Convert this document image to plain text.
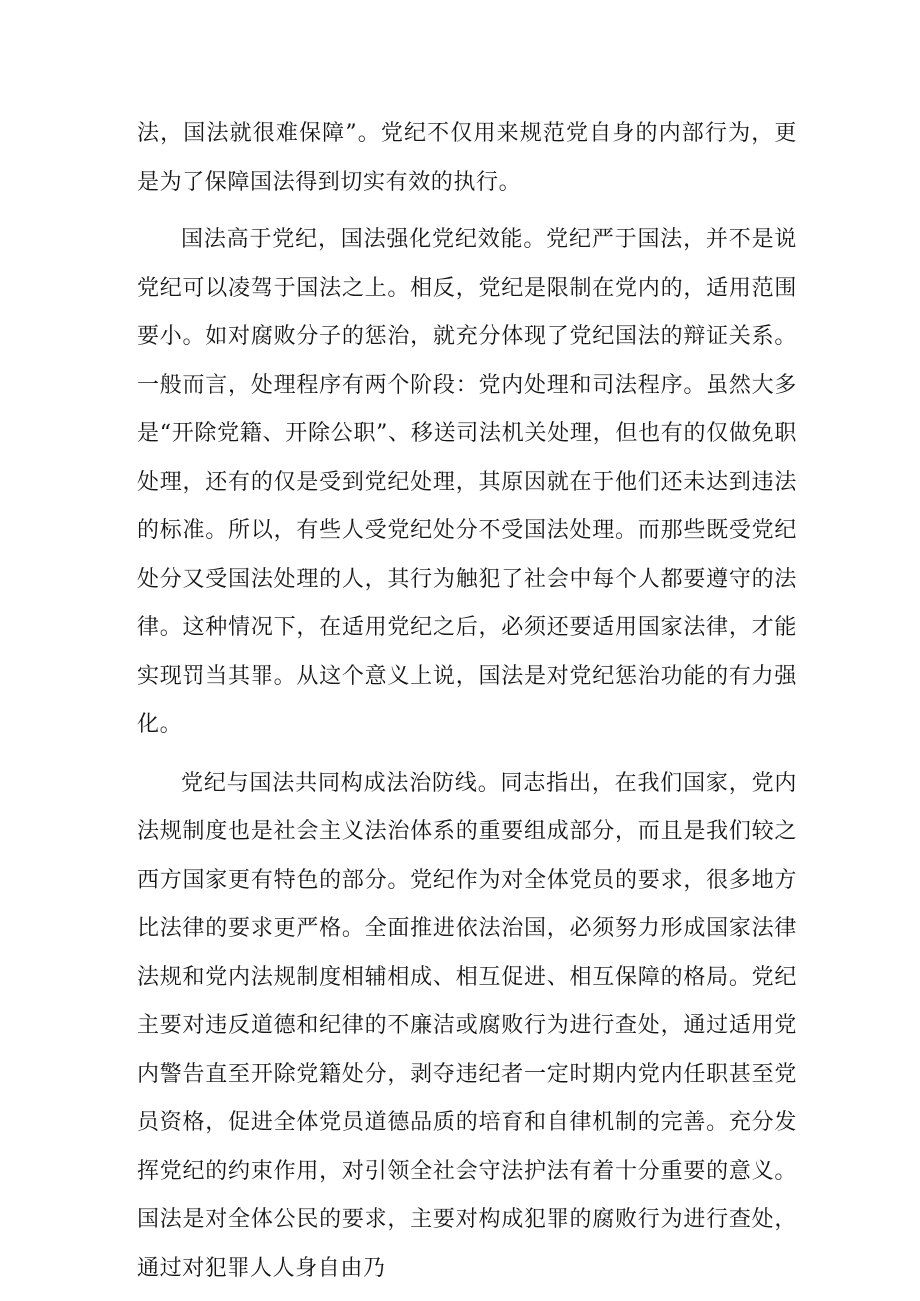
法，国法就很难保障”。党纪不仅用来规范党自身的内部行为，更是为了保障国法得到切实有效的执行。

国法高于党纪，国法强化党纪效能。党纪严于国法，并不是说党纪可以凌驾于国法之上。相反，党纪是限制在党内的，适用范围要小。如对腐败分子的惩治，就充分体现了党纪国法的辩证关系。一般而言，处理程序有两个阶段：党内处理和司法程序。虽然大多是“开除党籍、开除公职”、移送司法机关处理，但也有的仅做免职处理，还有的仅是受到党纪处理，其原因就在于他们还未达到违法的标准。所以，有些人受党纪处分不受国法处理。而那些既受党纪处分又受国法处理的人，其行为触犯了社会中每个人都要遵守的法律。这种情况下，在适用党纪之后，必须还要适用国家法律，才能实现罚当其罪。从这个意义上说，国法是对党纪惩治功能的有力强化。

党纪与国法共同构成法治防线。同志指出，在我们国家，党内法规制度也是社会主义法治体系的重要组成部分，而且是我们较之西方国家更有特色的部分。党纪作为对全体党员的要求，很多地方比法律的要求更严格。全面推进依法治国，必须努力形成国家法律法规和党内法规制度相辅相成、相互促进、相互保障的格局。党纪主要对违反道德和纪律的不廉洁或腐败行为进行查处，通过适用党内警告直至开除党籍处分，剥夺违纪者一定时期内党内任职甚至党员资格，促进全体党员道德品质的培育和自律机制的完善。充分发挥党纪的约束作用，对引领全社会守法护法有着十分重要的意义。国法是对全体公民的要求，主要对构成犯罪的腐败行为进行查处，通过对犯罪人人身自由乃
